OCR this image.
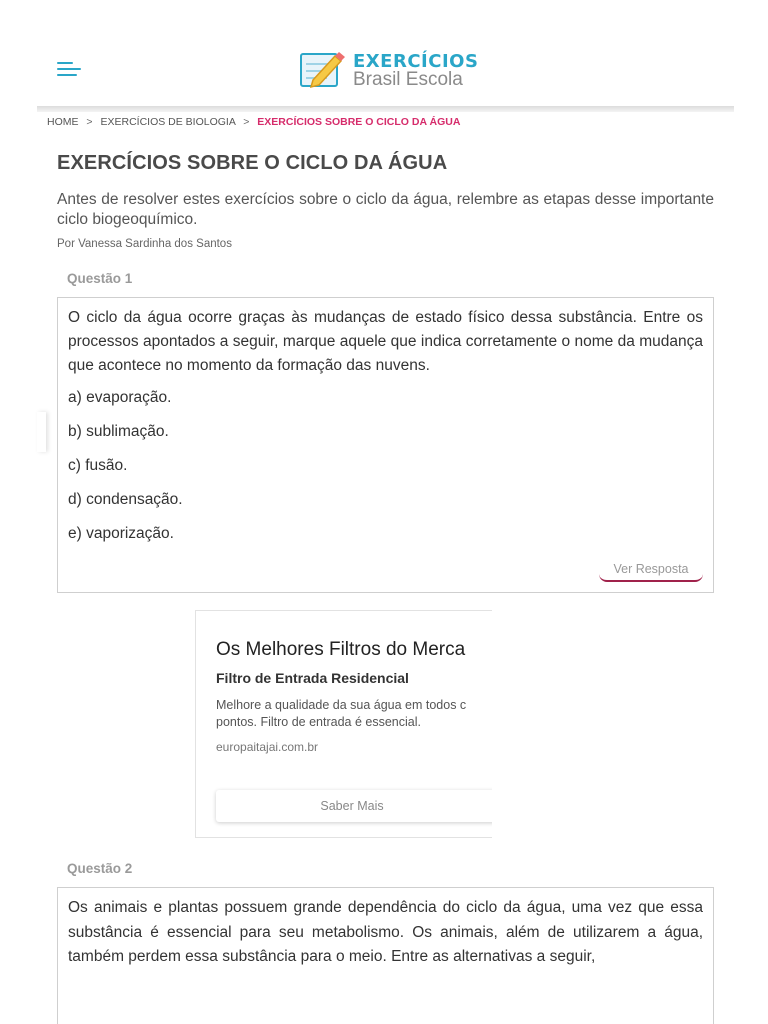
EXERCÍCIOS
Brasil Escola
HOME > EXERCÍCIOS DE BIOLOGIA > EXERCÍCIOS SOBRE O CICLO DA ÁGUA
EXERCÍCIOS SOBRE O CICLO DA ÁGUA

Antes de resolver estes exercícios sobre o ciclo da água, relembre as etapas desse importante ciclo biogeoquímico.

Por Vanessa Sardinha dos Santos
Questão 1

O ciclo da água ocorre graças às mudanças de estado físico dessa substância. Entre os processos apontados a seguir, marque aquele que indica corretamente o nome da mudança que acontece no momento da formação das nuvens.

a) evaporação.
b) sublimação.
c) fusão.
d) condensação.
e) vaporização.
Ver Resposta
Os Melhores Filtros do Merca
Filtro de Entrada Residencial
Melhore a qualidade da sua água em todos c
pontos. Filtro de entrada é essencial.
europaitajai.com.br
Saber Mais
Questão 2

Os animais e plantas possuem grande dependência do ciclo da água, uma vez que essa substância é essencial para seu metabolismo. Os animais, além de utilizarem a água, também perdem essa substância para o meio. Entre as alternativas a seguir,
